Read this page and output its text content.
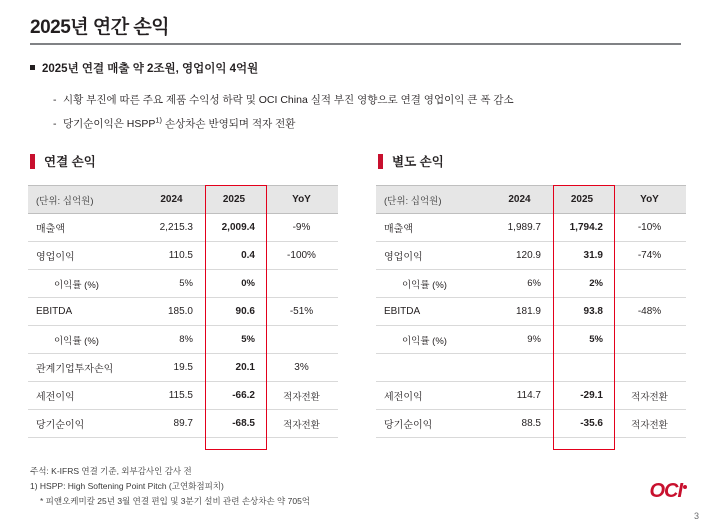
2025년 연간 손익
2025년 연결 매출 약 2조원, 영업이익 4억원
- 시황 부진에 따른 주요 제품 수익성 하락 및 OCI China 실적 부진 영향으로 연결 영업이익 큰 폭 감소
- 당기순이익은 HSPP$^{1)}$ 손상차손 반영되며 적자 전환
연결 손익
(단위: 십억원)	2024	2025	YoY
매출액	2,215.3	2,009.4	-9%
영업이익	110.5	0.4	-100%
이익률 (%)	5%	0%	
EBITDA	185.0	90.6	-51%
이익률 (%)	8%	5%	
관계기업투자손익	19.5	20.1	3%
세전이익	115.5	-66.2	적자전환
당기순이익	89.7	-68.5	적자전환
별도 손익
(단위: 십억원)	2024	2025	YoY
매출액	1,989.7	1,794.2	-10%
영업이익	120.9	31.9	-74%
이익률 (%)	6%	2%	
EBITDA	181.9	93.8	-48%
이익률 (%)	9%	5%	

세전이익	114.7	-29.1	적자전환
당기순이익	88.5	-35.6	적자전환
주석: K-IFRS 연결 기준, 외부감사인 감사 전
1) HSPP: High Softening Point Pitch (고연화점피치)
* 피앤오케미칼 25년 3월 연결 편입 및 3분기 설비 관련 손상차손 약 705억	OCI
3
